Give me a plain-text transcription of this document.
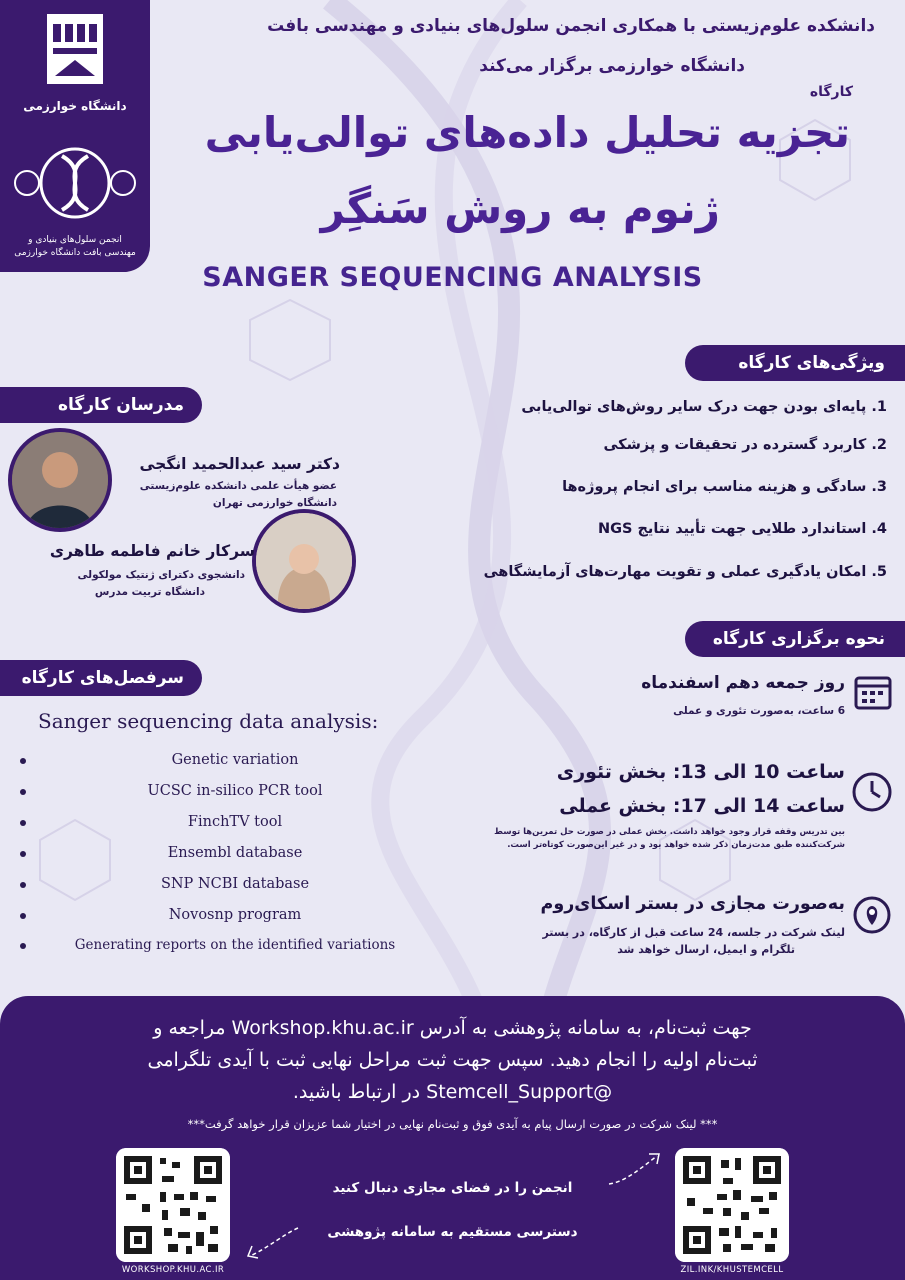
دانشگاه خوارزمی
انجمن سلول‌های بنیادی و
مهندسی بافت دانشگاه خوارزمی
دانشکده علوم‌زیستی با همکاری انجمن سلول‌های بنیادی و مهندسی بافت
دانشگاه خوارزمی برگزار می‌کند
کارگاه
تجزیه تحلیل داده‌های توالی‌یابی
ژنوم به روش سَنگِر
SANGER SEQUENCING ANALYSIS
ویژگی‌های کارگاه
1. پایه‌ای بودن جهت درک سایر روش‌های توالی‌یابی
2. کاربرد گسترده در تحقیقات و پزشکی
3. سادگی و هزینه مناسب برای انجام پروژه‌ها
4. استاندارد طلایی جهت تأیید نتایج NGS
5. امکان یادگیری عملی و تقویت مهارت‌های آزمایشگاهی
مدرسان کارگاه
دکتر سید عبدالحمید انگجی
عضو هیأت علمی دانشکده علوم‌زیستی
دانشگاه خوارزمی تهران
سرکار خانم فاطمه طاهری
دانشجوی دکترای ژنتیک مولکولی
دانشگاه تربیت مدرس
نحوه برگزاری کارگاه
روز جمعه دهم اسفندماه
6 ساعت، به‌صورت تئوری و عملی
ساعت 10 الی 13: بخش تئوری
ساعت 14 الی 17: بخش عملی
بین تدریس وقفه قرار وجود خواهد داشت. بخش عملی در صورت حل تمرین‌ها توسط
شرکت‌کننده طبق مدت‌زمان ذکر شده خواهد بود و در غیر این‌صورت کوتاه‌تر است.
به‌صورت مجازی در بستر اسکای‌روم
لینک شرکت در جلسه، 24 ساعت قبل از کارگاه، در بستر
تلگرام و ایمیل، ارسال خواهد شد
سرفصل‌های کارگاه
Sanger sequencing data analysis:
Genetic variation
UCSC in-silico PCR tool
FinchTV tool
Ensembl database
SNP NCBI database
Novosnp program
Generating reports on the identified variations
جهت ثبت‌نام، به سامانه پژوهشی به آدرس Workshop.khu.ac.ir مراجعه و
ثبت‌نام اولیه را انجام دهید. سپس جهت ثبت مراحل نهایی ثبت با آیدی تلگرامی
@Stemcell_Support در ارتباط باشید.
*** لینک شرکت در صورت ارسال پیام به آیدی فوق و ثبت‌نام نهایی در اختیار شما عزیزان قرار خواهد گرفت***
WORKSHOP.KHU.AC.IR	ZIL.INK/KHUSTEMCELL
انجمن را در فضای مجازی دنبال کنید
دسترسی مستقیم به سامانه پژوهشی
